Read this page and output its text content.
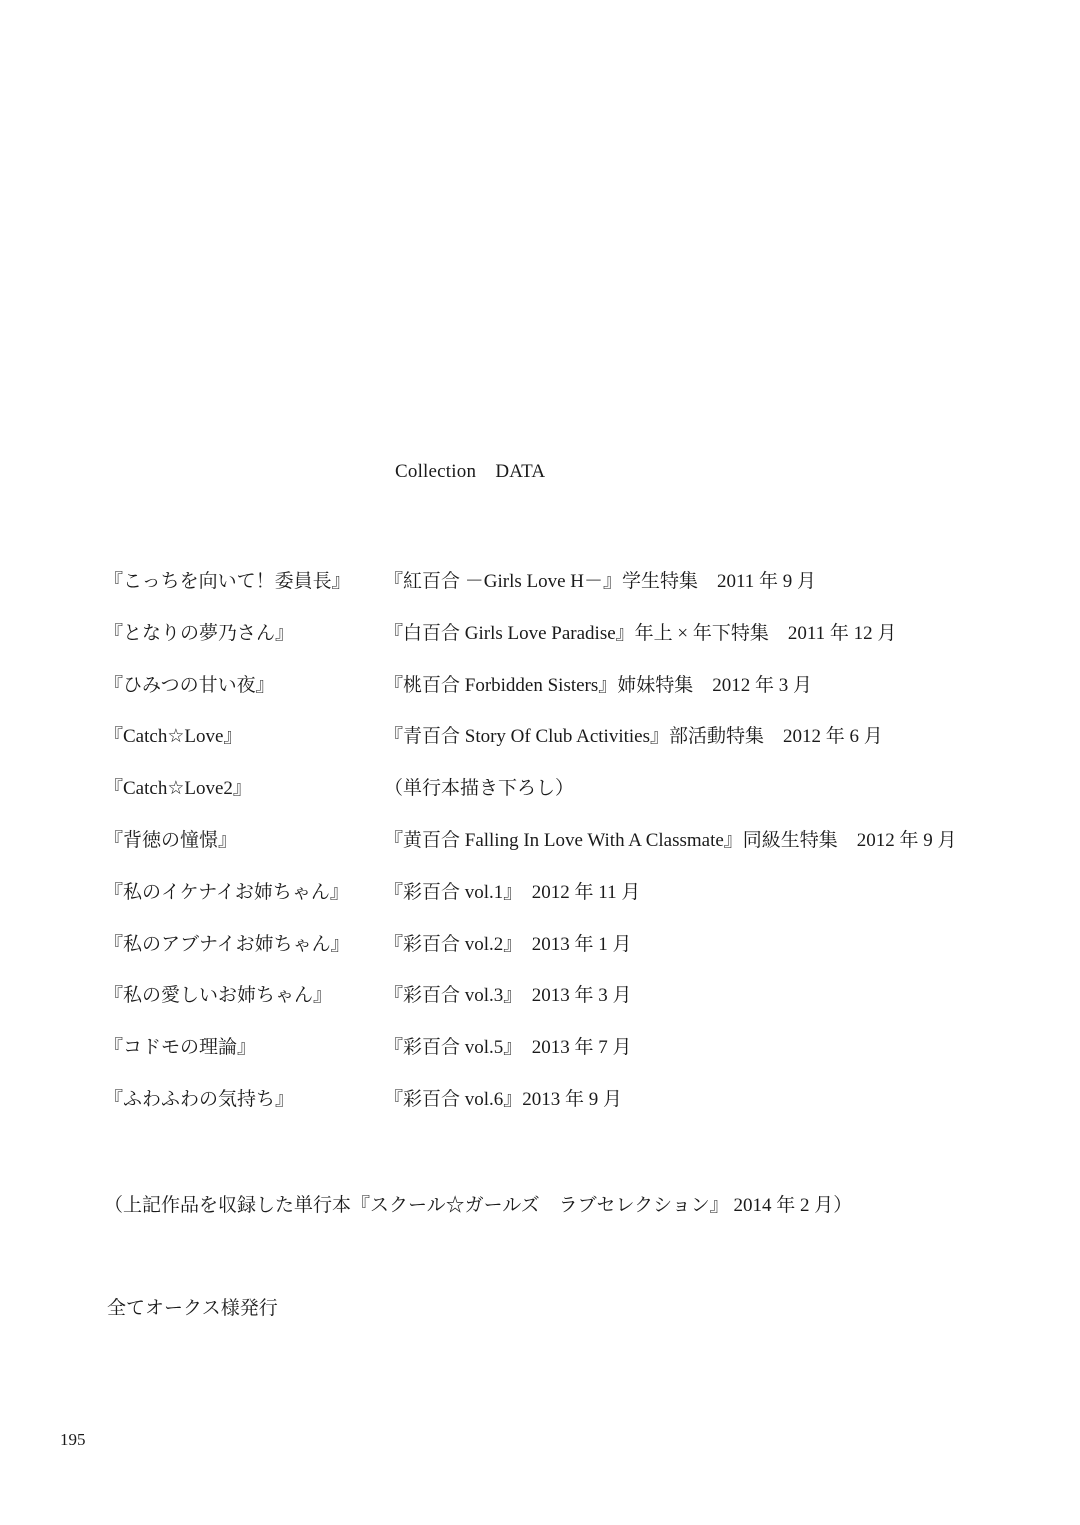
Collection　DATA
『こっちを向いて！委員長』	『紅百合 －Girls Love H－』学生特集　2011 年 9 月
『となりの夢乃さん』	『白百合 Girls Love Paradise』年上 × 年下特集　2011 年 12 月
『ひみつの甘い夜』	『桃百合 Forbidden Sisters』姉妹特集　2012 年 3 月
『Catch☆Love』	『青百合 Story Of Club Activities』部活動特集　2012 年 6 月
『Catch☆Love2』	（単行本描き下ろし）
『背徳の憧憬』	『黄百合 Falling In Love With A Classmate』同級生特集　2012 年 9 月
『私のイケナイお姉ちゃん』	『彩百合 vol.1』　2012 年 11 月
『私のアブナイお姉ちゃん』	『彩百合 vol.2』　2013 年 1 月
『私の愛しいお姉ちゃん』	『彩百合 vol.3』　2013 年 3 月
『コドモの理論』	『彩百合 vol.5』　2013 年 7 月
『ふわふわの気持ち』	『彩百合 vol.6』2013 年 9 月
（上記作品を収録した単行本『スクール☆ガールズ　ラブセレクション』 2014 年 2 月）
全てオークス様発行
195
